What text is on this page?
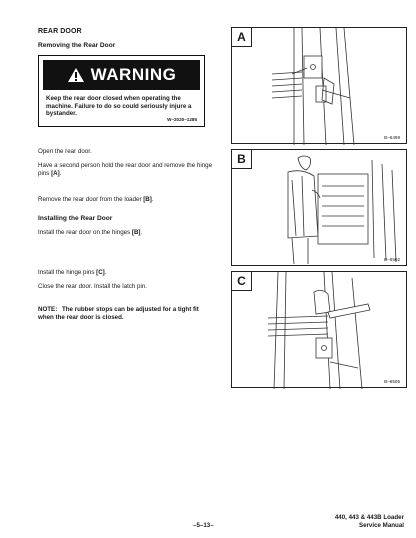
REAR DOOR
Removing the Rear Door
WARNING
Keep the rear door closed when operating the machine. Failure to do so could seriously injure a bystander.
W–2020–1285
Open the rear door.
Have a second person hold the rear door and remove the hinge pins [A].
Remove the rear door from the loader [B].
Installing the Rear Door
Install the rear door on the hinges [B].
Install the hinge pins [C].
Close the rear door. Install the latch pin.
NOTE: The rubber stops can be adjusted for a tight fit when the rear door is closed.
A
B–6499
B
B–6502
C
B–6505
–5–13–
440, 443 & 443B Loader
Service Manual
